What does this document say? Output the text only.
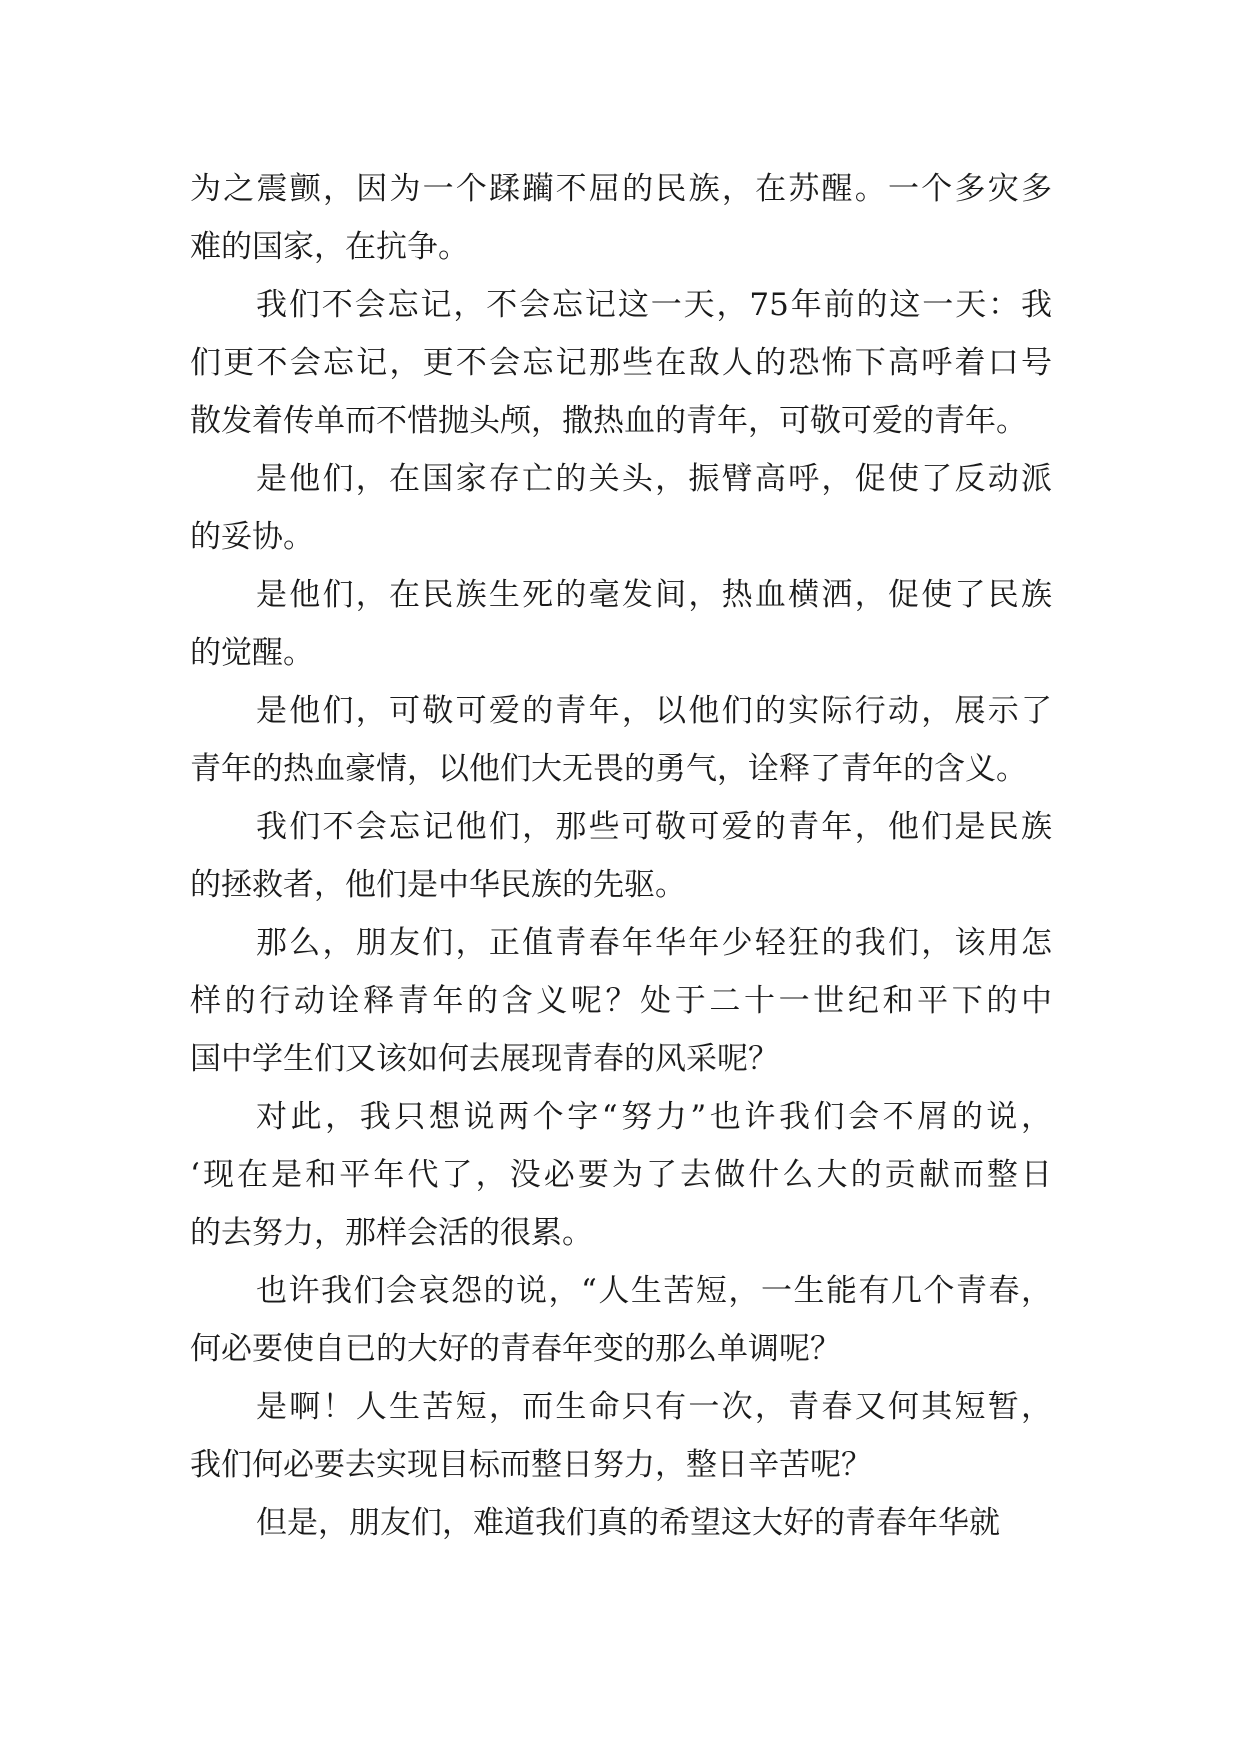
为之震颤，因为一个蹂躏不屈的民族，在苏醒。一个多灾多
难的国家，在抗争。
我们不会忘记，不会忘记这一天，75年前的这一天：我
们更不会忘记，更不会忘记那些在敌人的恐怖下高呼着口号
散发着传单而不惜抛头颅，撒热血的青年，可敬可爱的青年。
是他们，在国家存亡的关头，振臂高呼，促使了反动派
的妥协。
是他们，在民族生死的毫发间，热血横洒，促使了民族
的觉醒。
是他们，可敬可爱的青年，以他们的实际行动，展示了
青年的热血豪情，以他们大无畏的勇气，诠释了青年的含义。
我们不会忘记他们，那些可敬可爱的青年，他们是民族
的拯救者，他们是中华民族的先驱。
那么，朋友们，正值青春年华年少轻狂的我们，该用怎
样的行动诠释青年的含义呢？处于二十一世纪和平下的中
国中学生们又该如何去展现青春的风采呢？
对此，我只想说两个字“努力”也许我们会不屑的说，
‘现在是和平年代了，没必要为了去做什么大的贡献而整日
的去努力，那样会活的很累。
也许我们会哀怨的说，“人生苦短，一生能有几个青春，
何必要使自已的大好的青春年变的那么单调呢？
是啊！人生苦短，而生命只有一次，青春又何其短暂，
我们何必要去实现目标而整日努力，整日辛苦呢？
但是，朋友们，难道我们真的希望这大好的青春年华就
